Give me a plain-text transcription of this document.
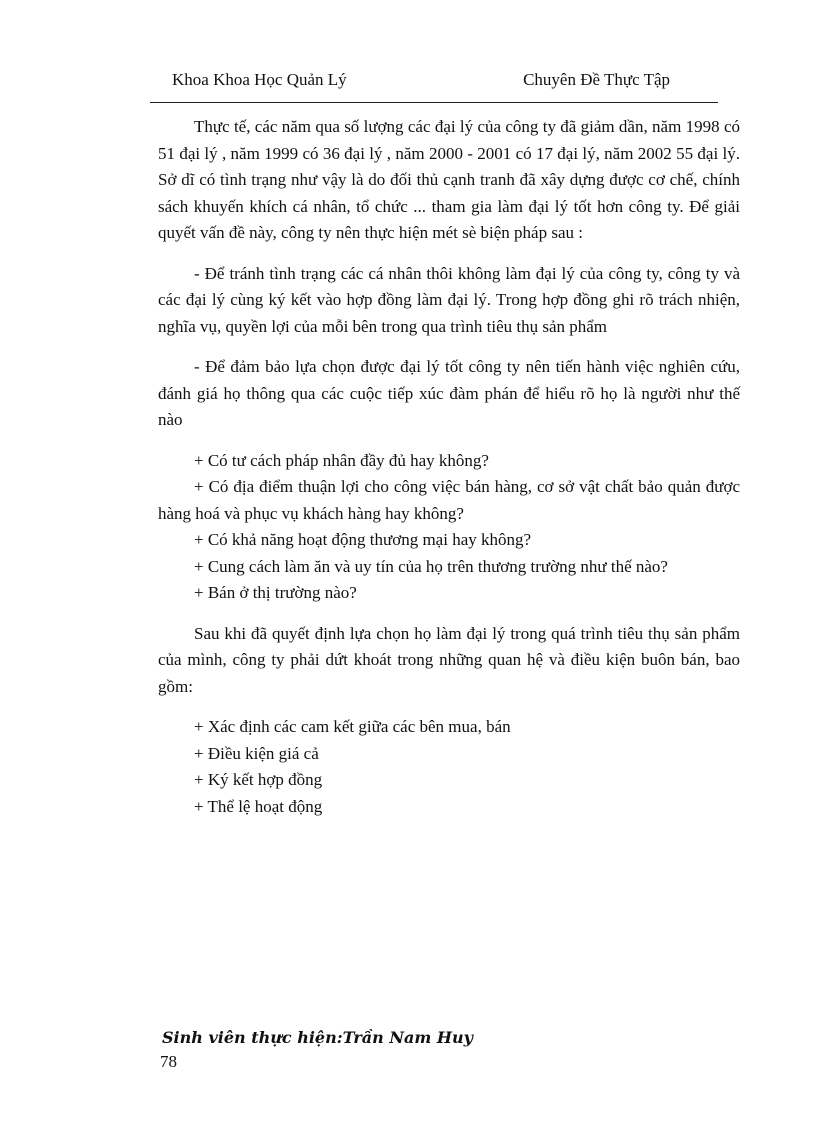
Khoa Khoa Học Quản Lý	Chuyên Đề Thực Tập

Thực tế, các năm qua số lượng các đại lý của công ty đã giảm dần, năm 1998 có 51 đại lý , năm 1999 có 36 đại lý , năm 2000 - 2001 có 17 đại lý, năm 2002 55 đại lý. Sở dĩ có tình trạng như vậy là do đối thủ cạnh tranh đã xây dựng được cơ chế, chính sách khuyến khích cá nhân, tổ chức ... tham gia làm đại lý tốt hơn công ty. Để giải quyết vấn đề này, công ty nên thực hiện mét sè biện pháp sau :

- Để tránh tình trạng các cá nhân thôi không làm đại lý của công ty, công ty và các đại lý cùng ký kết vào hợp đồng làm đại lý. Trong hợp đồng ghi rõ trách nhiện, nghĩa vụ, quyền lợi của mỗi bên trong qua trình tiêu thụ sản phẩm

- Để đảm bảo lựa chọn được đại lý tốt công ty nên tiến hành việc nghiên cứu, đánh giá họ thông qua các cuộc tiếp xúc đàm phán để hiểu rõ họ là người như thế nào

+ Có tư cách pháp nhân đầy đủ hay không?
+ Có địa điểm thuận lợi cho công việc bán hàng, cơ sở vật chất bảo quản được hàng hoá và phục vụ khách hàng hay không?
+ Có khả năng hoạt động thương mại hay không?
+ Cung cách làm ăn và uy tín của họ trên thương trường như thế nào?
+ Bán ở thị trường nào?

Sau khi đã quyết định lựa chọn họ làm đại lý trong quá trình tiêu thụ sản phẩm của mình, công ty phải dứt khoát trong những quan hệ và điều kiện buôn bán, bao gồm:

+ Xác định các cam kết giữa các bên mua, bán
+ Điều kiện giá cả
+ Ký kết hợp đồng
+ Thể lệ hoạt động
Sinh viên thực hiện:Trần Nam Huy
78
